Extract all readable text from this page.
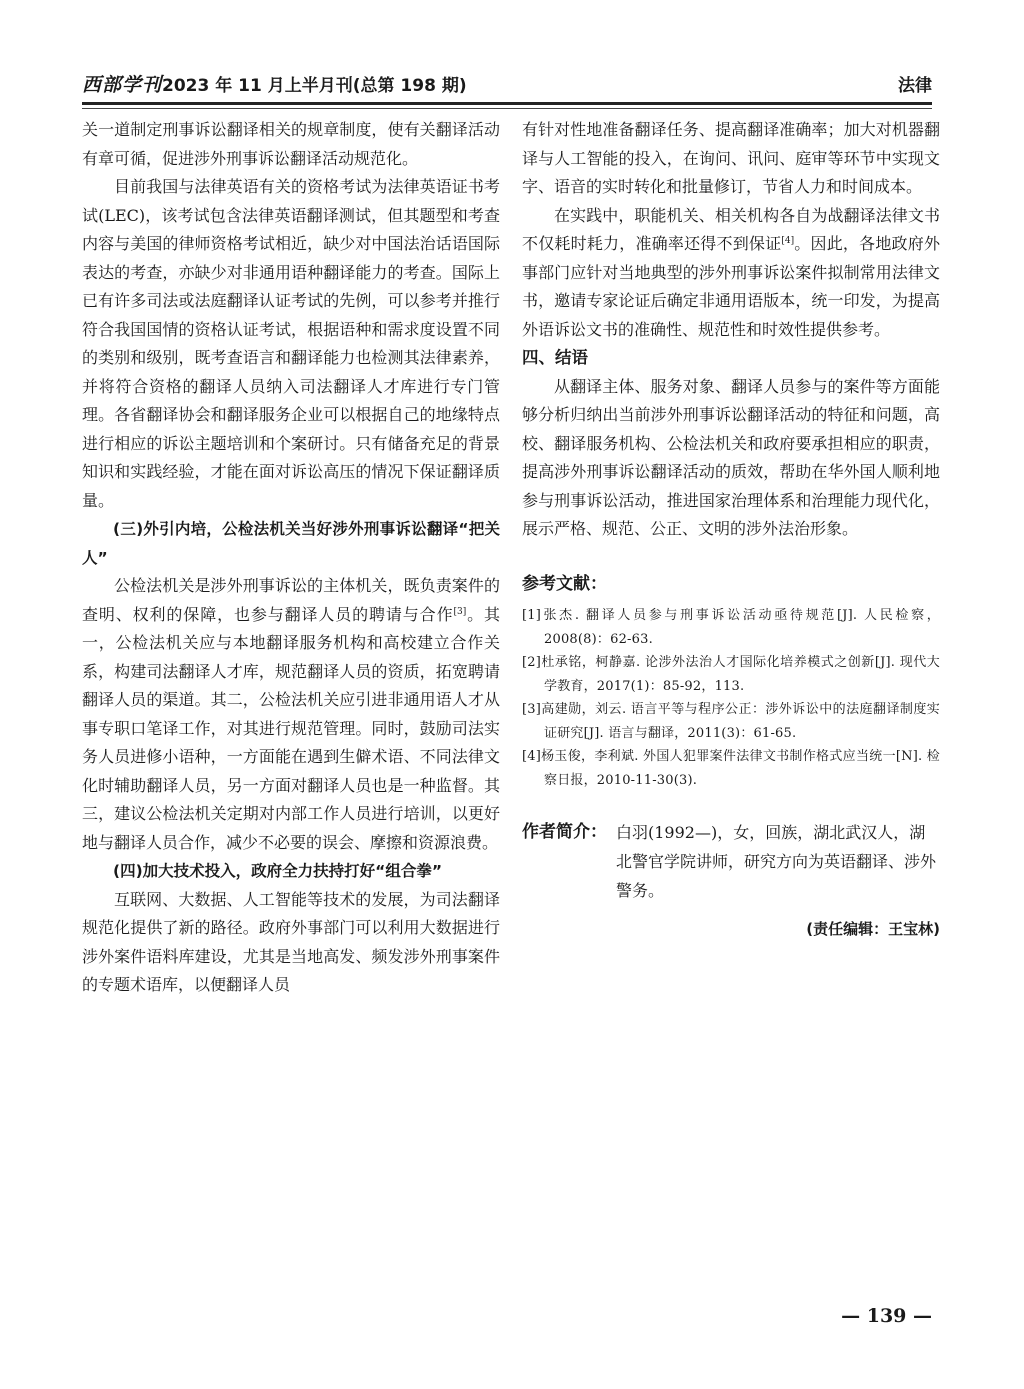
西部学刊 2023 年 11 月上半月刊(总第 198 期)	法律

关一道制定刑事诉讼翻译相关的规章制度，使有关翻译活动有章可循，促进涉外刑事诉讼翻译活动规范化。

目前我国与法律英语有关的资格考试为法律英语证书考试(LEC)，该考试包含法律英语翻译测试，但其题型和考查内容与美国的律师资格考试相近，缺少对中国法治话语国际表达的考查，亦缺少对非通用语种翻译能力的考查。国际上已有许多司法或法庭翻译认证考试的先例，可以参考并推行符合我国国情的资格认证考试，根据语种和需求度设置不同的类别和级别，既考查语言和翻译能力也检测其法律素养，并将符合资格的翻译人员纳入司法翻译人才库进行专门管理。各省翻译协会和翻译服务企业可以根据自己的地缘特点进行相应的诉讼主题培训和个案研讨。只有储备充足的背景知识和实践经验，才能在面对诉讼高压的情况下保证翻译质量。

(三)外引内培，公检法机关当好涉外刑事诉讼翻译“把关人”

公检法机关是涉外刑事诉讼的主体机关，既负责案件的查明、权利的保障，也参与翻译人员的聘请与合作[3]。其一，公检法机关应与本地翻译服务机构和高校建立合作关系，构建司法翻译人才库，规范翻译人员的资质，拓宽聘请翻译人员的渠道。其二，公检法机关应引进非通用语人才从事专职口笔译工作，对其进行规范管理。同时，鼓励司法实务人员进修小语种，一方面能在遇到生僻术语、不同法律文化时辅助翻译人员，另一方面对翻译人员也是一种监督。其三，建议公检法机关定期对内部工作人员进行培训，以更好地与翻译人员合作，减少不必要的误会、摩擦和资源浪费。

(四)加大技术投入，政府全力扶持打好“组合拳”

互联网、大数据、人工智能等技术的发展，为司法翻译规范化提供了新的路径。政府外事部门可以利用大数据进行涉外案件语料库建设，尤其是当地高发、频发涉外刑事案件的专题术语库，以便翻译人员

有针对性地准备翻译任务、提高翻译准确率；加大对机器翻译与人工智能的投入，在询问、讯问、庭审等环节中实现文字、语音的实时转化和批量修订，节省人力和时间成本。

在实践中，职能机关、相关机构各自为战翻译法律文书不仅耗时耗力，准确率还得不到保证[4]。因此，各地政府外事部门应针对当地典型的涉外刑事诉讼案件拟制常用法律文书，邀请专家论证后确定非通用语版本，统一印发，为提高外语诉讼文书的准确性、规范性和时效性提供参考。

四、结语

从翻译主体、服务对象、翻译人员参与的案件等方面能够分析归纳出当前涉外刑事诉讼翻译活动的特征和问题，高校、翻译服务机构、公检法机关和政府要承担相应的职责，提高涉外刑事诉讼翻译活动的质效，帮助在华外国人顺利地参与刑事诉讼活动，推进国家治理体系和治理能力现代化，展示严格、规范、公正、文明的涉外法治形象。

参考文献：

[1]张杰. 翻译人员参与刑事诉讼活动亟待规范[J]. 人民检察，2008(8)：62-63.

[2]杜承铭，柯静嘉. 论涉外法治人才国际化培养模式之创新[J]. 现代大学教育，2017(1)：85-92，113.

[3]高建勋，刘云. 语言平等与程序公正：涉外诉讼中的法庭翻译制度实证研究[J]. 语言与翻译，2011(3)：61-65.

[4]杨玉俊，李利斌. 外国人犯罪案件法律文书制作格式应当统一[N]. 检察日报，2010-11-30(3).

作者简介： 白羽(1992—)，女，回族，湖北武汉人，湖北警官学院讲师，研究方向为英语翻译、涉外警务。
(责任编辑：王宝林)
— 139 —
